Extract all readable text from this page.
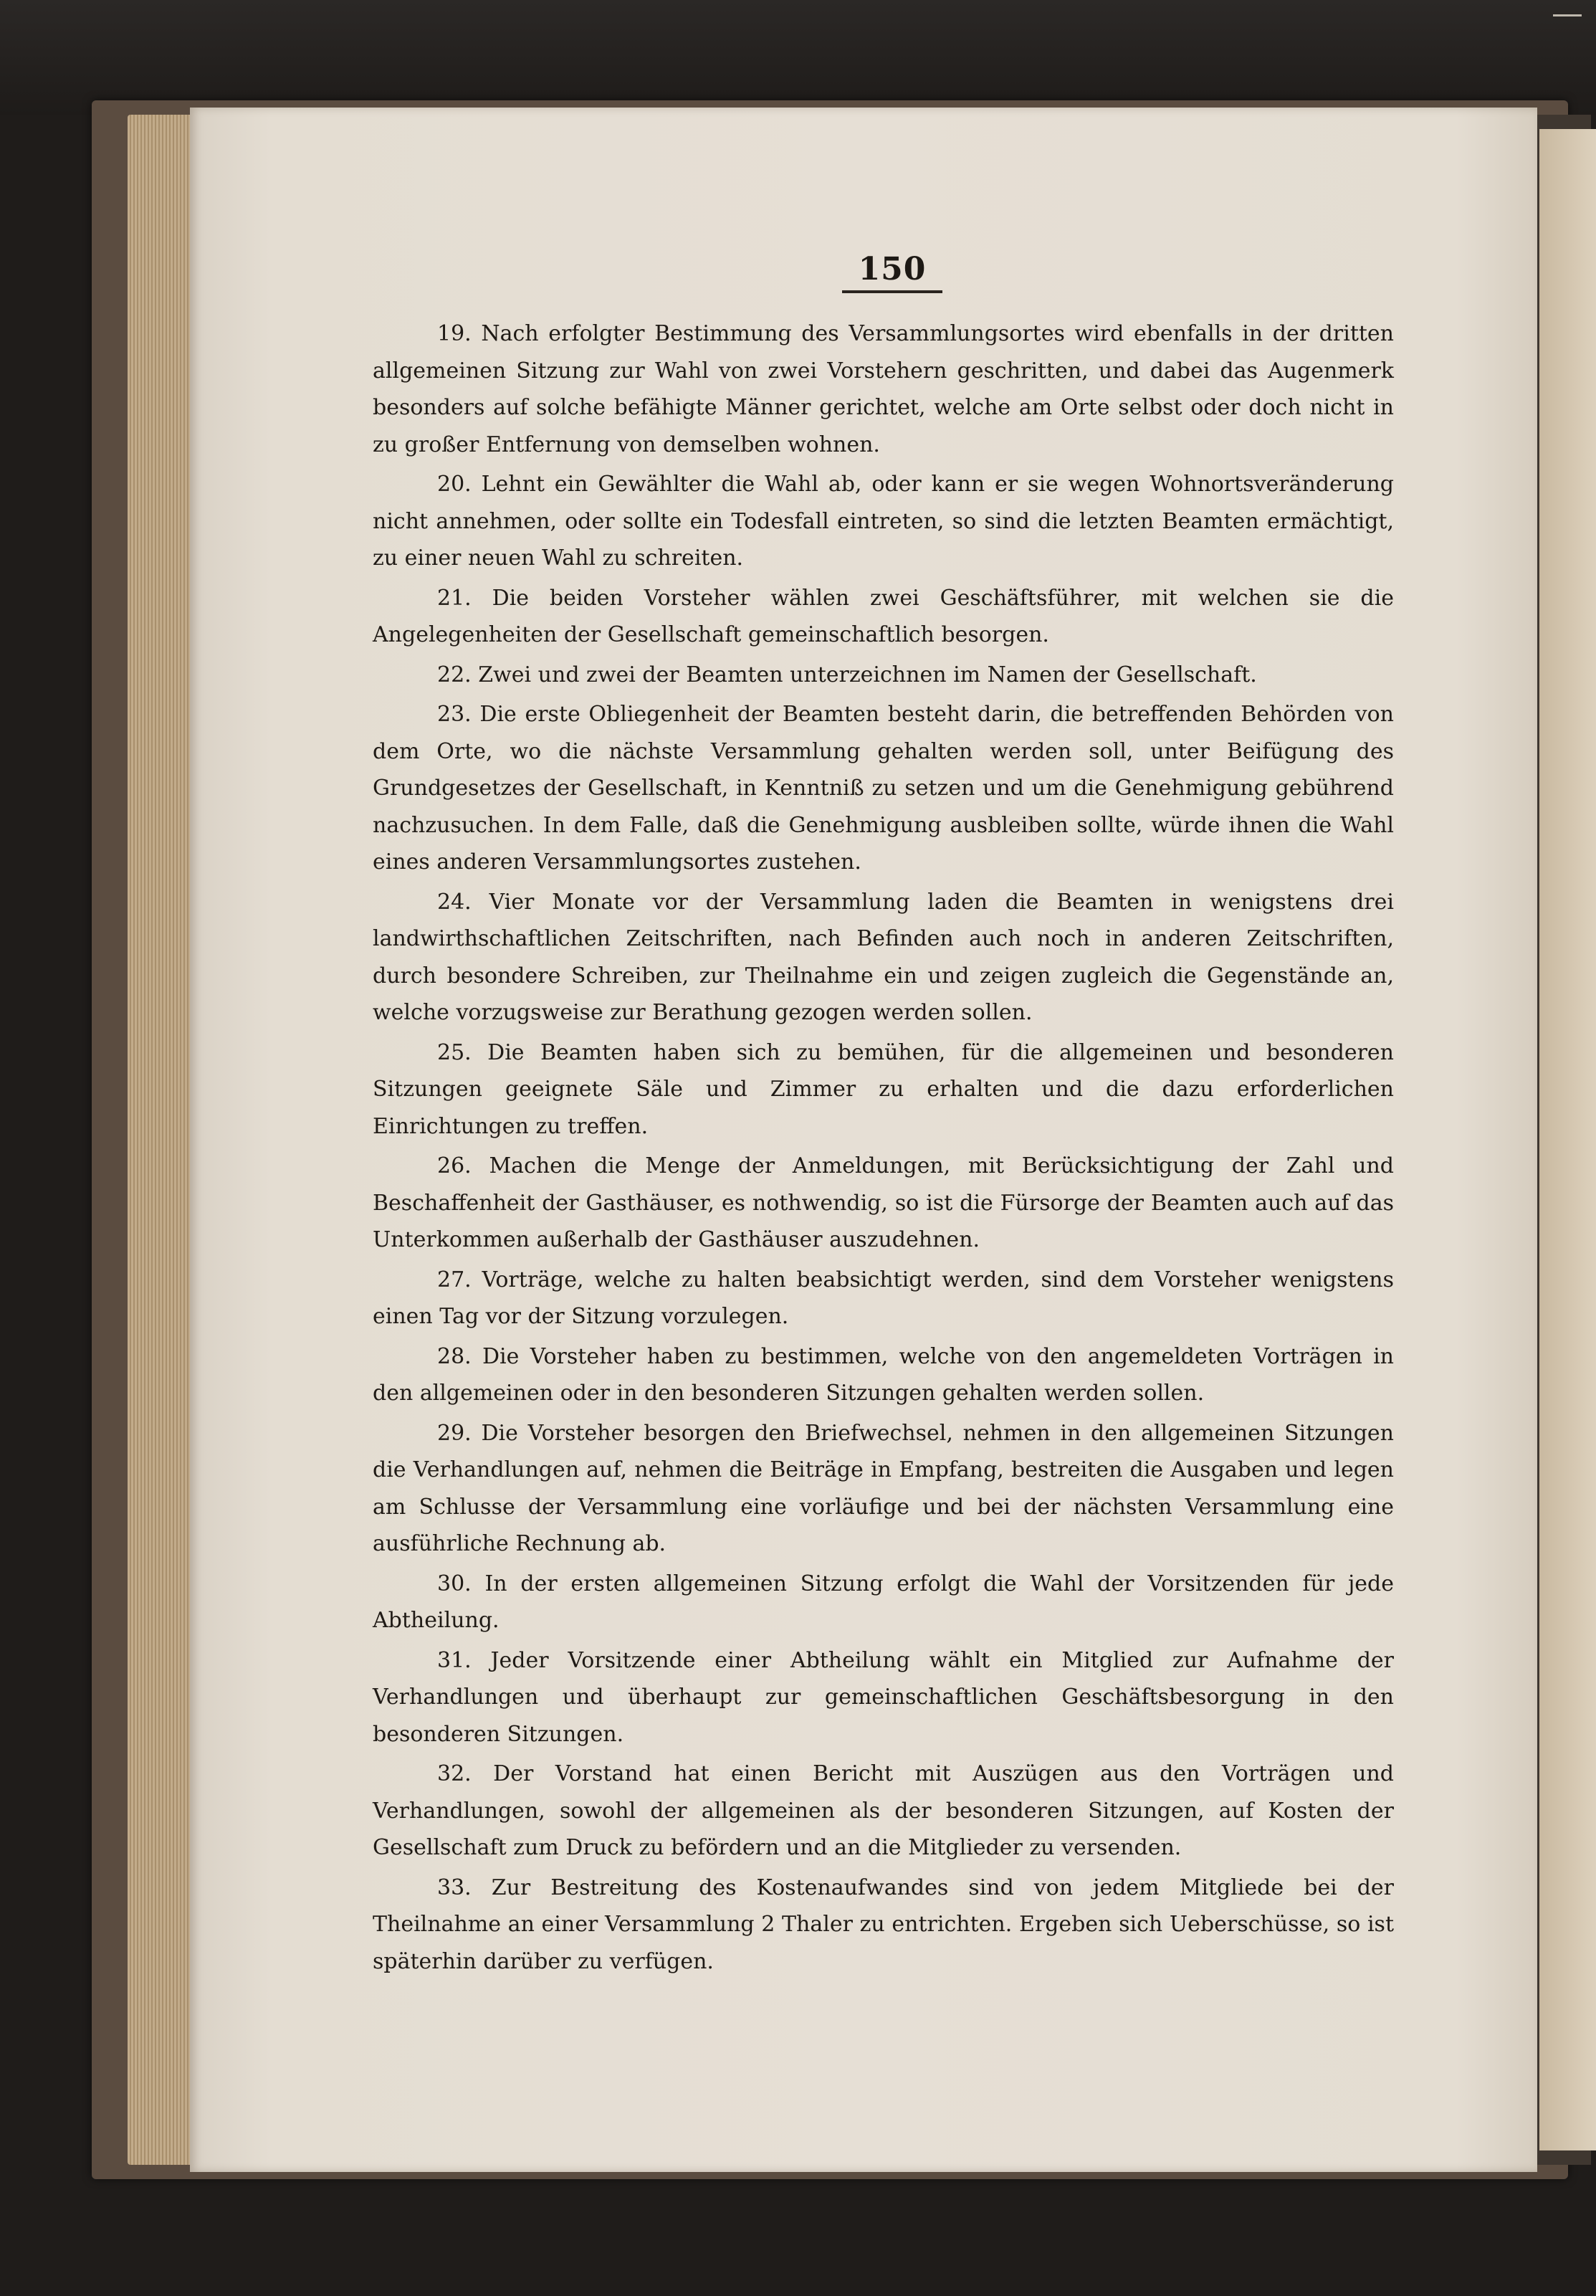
150

19. Nach erfolgter Bestimmung des Versammlungsortes wird ebenfalls in der dritten allgemeinen Sitzung zur Wahl von zwei Vorstehern geschritten, und dabei das Augenmerk besonders auf solche befähigte Männer gerichtet, welche am Orte selbst oder doch nicht in zu großer Entfernung von demselben wohnen.

20. Lehnt ein Gewählter die Wahl ab, oder kann er sie wegen Wohnortsveränderung nicht annehmen, oder sollte ein Todesfall eintreten, so sind die letzten Beamten ermächtigt, zu einer neuen Wahl zu schreiten.

21. Die beiden Vorsteher wählen zwei Geschäftsführer, mit welchen sie die Angelegenheiten der Gesellschaft gemeinschaftlich besorgen.

22. Zwei und zwei der Beamten unterzeichnen im Namen der Gesellschaft.

23. Die erste Obliegenheit der Beamten besteht darin, die betreffenden Behörden von dem Orte, wo die nächste Versammlung gehalten werden soll, unter Beifügung des Grundgesetzes der Gesellschaft, in Kenntniß zu setzen und um die Genehmigung gebührend nachzusuchen. In dem Falle, daß die Genehmigung ausbleiben sollte, würde ihnen die Wahl eines anderen Versammlungsortes zustehen.

24. Vier Monate vor der Versammlung laden die Beamten in wenigstens drei landwirthschaftlichen Zeitschriften, nach Befinden auch noch in anderen Zeitschriften, durch besondere Schreiben, zur Theilnahme ein und zeigen zugleich die Gegenstände an, welche vorzugsweise zur Berathung gezogen werden sollen.

25. Die Beamten haben sich zu bemühen, für die allgemeinen und besonderen Sitzungen geeignete Säle und Zimmer zu erhalten und die dazu erforderlichen Einrichtungen zu treffen.

26. Machen die Menge der Anmeldungen, mit Berücksichtigung der Zahl und Beschaffenheit der Gasthäuser, es nothwendig, so ist die Fürsorge der Beamten auch auf das Unterkommen außerhalb der Gasthäuser auszudehnen.

27. Vorträge, welche zu halten beabsichtigt werden, sind dem Vorsteher wenigstens einen Tag vor der Sitzung vorzulegen.

28. Die Vorsteher haben zu bestimmen, welche von den angemeldeten Vorträgen in den allgemeinen oder in den besonderen Sitzungen gehalten werden sollen.

29. Die Vorsteher besorgen den Briefwechsel, nehmen in den allgemeinen Sitzungen die Verhandlungen auf, nehmen die Beiträge in Empfang, bestreiten die Ausgaben und legen am Schlusse der Versammlung eine vorläufige und bei der nächsten Versammlung eine ausführliche Rechnung ab.

30. In der ersten allgemeinen Sitzung erfolgt die Wahl der Vorsitzenden für jede Abtheilung.

31. Jeder Vorsitzende einer Abtheilung wählt ein Mitglied zur Aufnahme der Verhandlungen und überhaupt zur gemeinschaftlichen Geschäftsbesorgung in den besonderen Sitzungen.

32. Der Vorstand hat einen Bericht mit Auszügen aus den Vorträgen und Verhandlungen, sowohl der allgemeinen als der besonderen Sitzungen, auf Kosten der Gesellschaft zum Druck zu befördern und an die Mitglieder zu versenden.

33. Zur Bestreitung des Kostenaufwandes sind von jedem Mitgliede bei der Theilnahme an einer Versammlung 2 Thaler zu entrichten. Ergeben sich Ueberschüsse, so ist späterhin darüber zu verfügen.
